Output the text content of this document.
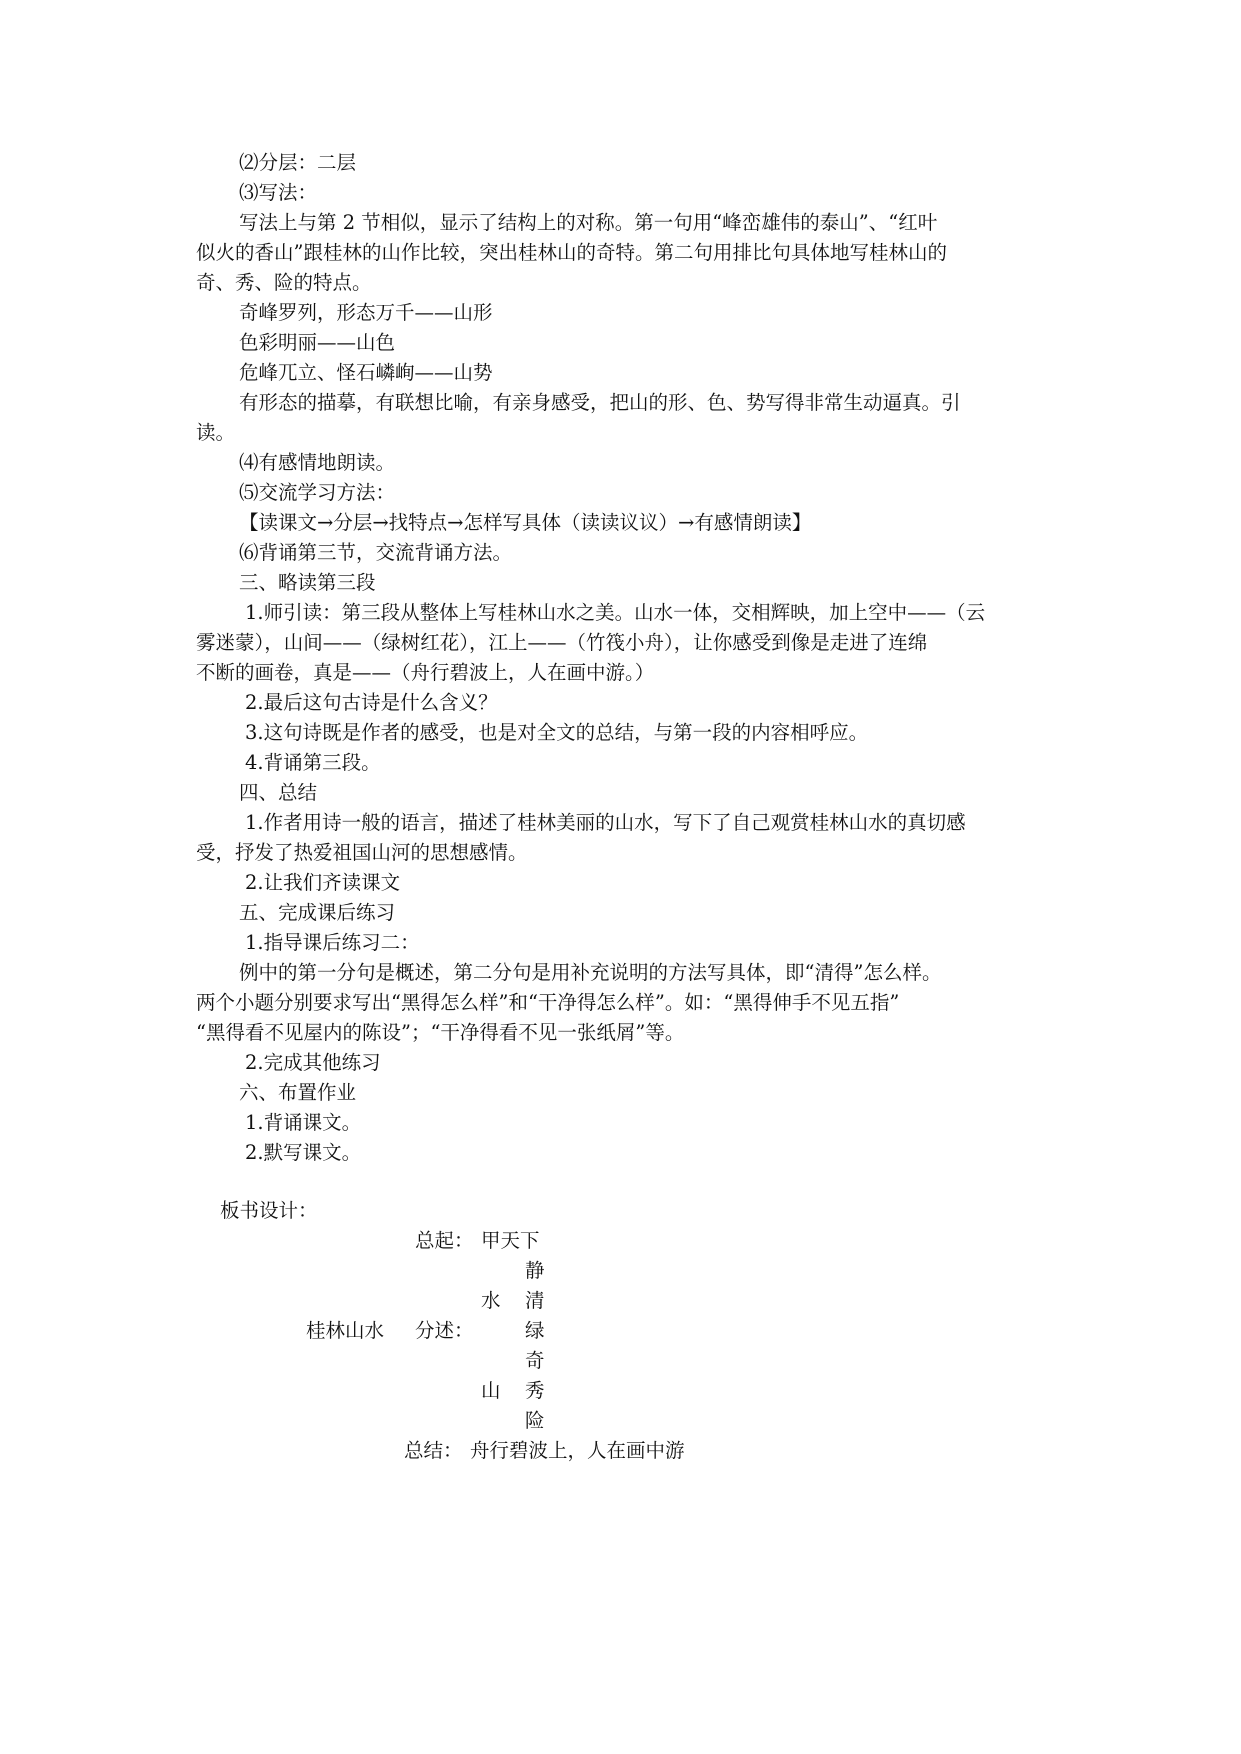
⑵分层：二层
⑶写法：
写法上与第 2 节相似，显示了结构上的对称。第一句用“峰峦雄伟的泰山”、“红叶
似火的香山”跟桂林的山作比较，突出桂林山的奇特。第二句用排比句具体地写桂林山的
奇、秀、险的特点。
奇峰罗列，形态万千——山形
色彩明丽——山色
危峰兀立、怪石嶙峋——山势
有形态的描摹，有联想比喻，有亲身感受，把山的形、色、势写得非常生动逼真。引
读。
⑷有感情地朗读。
⑸交流学习方法：
【读课文→分层→找特点→怎样写具体（读读议议）→有感情朗读】
⑹背诵第三节，交流背诵方法。
三、略读第三段
1.师引读：第三段从整体上写桂林山水之美。山水一体，交相辉映，加上空中——（云
雾迷蒙），山间——（绿树红花），江上——（竹筏小舟），让你感受到像是走进了连绵
不断的画卷，真是——（舟行碧波上，人在画中游。）
2.最后这句古诗是什么含义？
3.这句诗既是作者的感受，也是对全文的总结，与第一段的内容相呼应。
4.背诵第三段。
四、总结
1.作者用诗一般的语言，描述了桂林美丽的山水，写下了自己观赏桂林山水的真切感
受，抒发了热爱祖国山河的思想感情。
2.让我们齐读课文
五、完成课后练习
1.指导课后练习二：
例中的第一分句是概述，第二分句是用补充说明的方法写具体，即“清得”怎么样。
两个小题分别要求写出“黑得怎么样”和“干净得怎么样”。如：“黑得伸手不见五指”
“黑得看不见屋内的陈设”；“干净得看不见一张纸屑”等。
2.完成其他练习
六、布置作业
1.背诵课文。
2.默写课文。
板书设计：
总起： 甲天下
静
水 清
桂林山水 分述：	绿
奇
山 秀
险
总结： 舟行碧波上，人在画中游
